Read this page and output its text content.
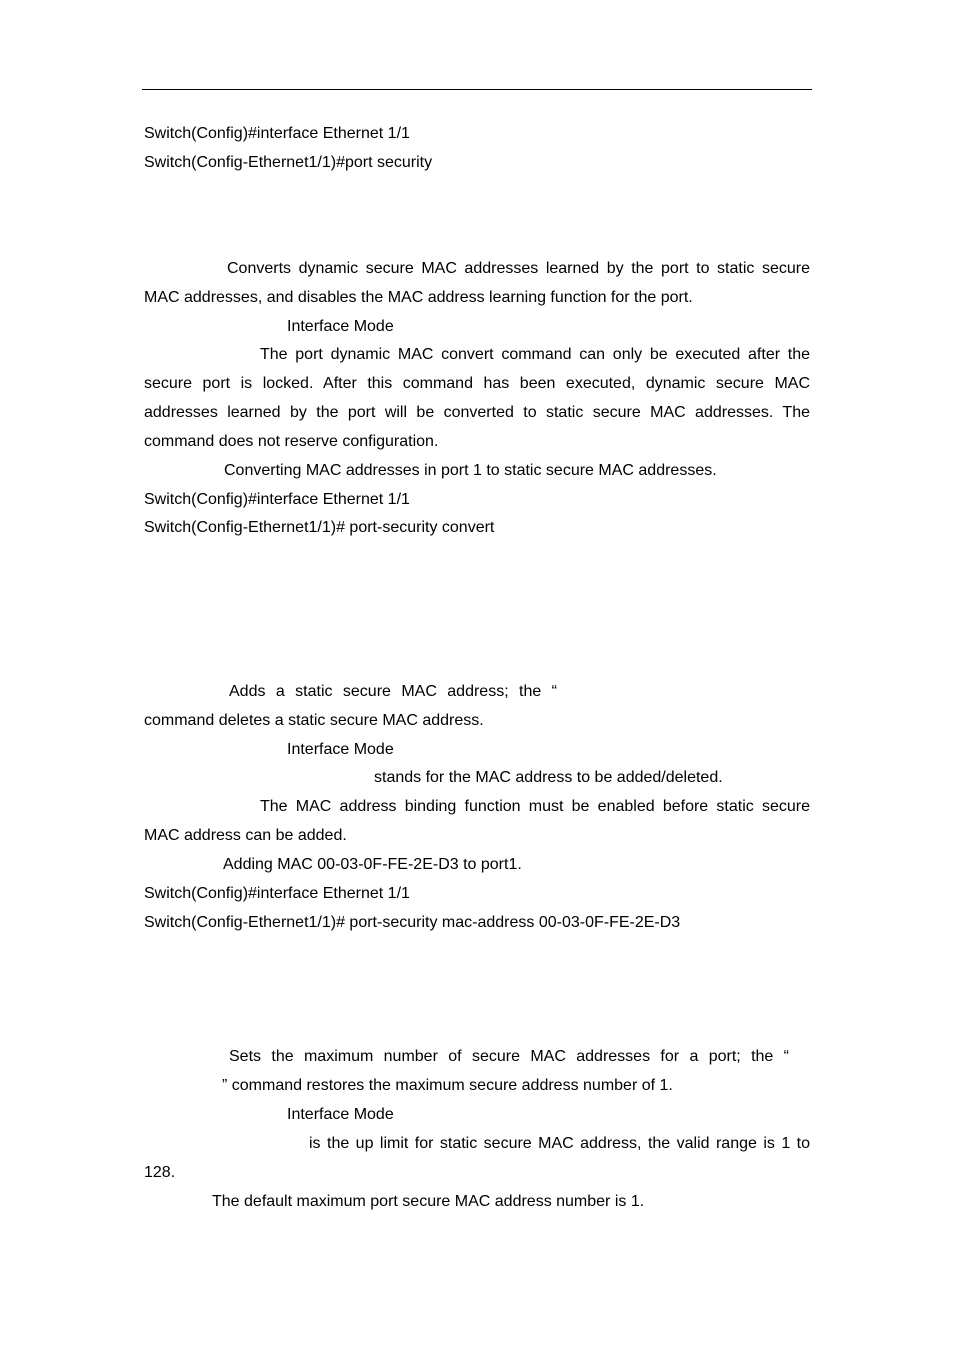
Switch(Config)#interface Ethernet 1/1
Switch(Config-Ethernet1/1)#port security
Converts dynamic secure MAC addresses learned by the port to static secure
MAC addresses, and disables the MAC address learning function for the port.
Interface Mode
The port dynamic MAC convert command can only be executed after the
secure port is locked. After this command has been executed, dynamic secure MAC
addresses learned by the port will be converted to static secure MAC addresses. The
command does not reserve configuration.
Converting MAC addresses in port 1 to static secure MAC addresses.
Switch(Config)#interface Ethernet 1/1
Switch(Config-Ethernet1/1)# port-security convert
Adds a static secure MAC address; the “
command deletes a static secure MAC address.
Interface Mode
stands for the MAC address to be added/deleted.
The MAC address binding function must be enabled before static secure
MAC address can be added.
Adding MAC 00-03-0F-FE-2E-D3 to port1.
Switch(Config)#interface Ethernet 1/1
Switch(Config-Ethernet1/1)# port-security mac-address 00-03-0F-FE-2E-D3
Sets the maximum number of secure MAC addresses for a port; the “
” command restores the maximum secure address number of 1.
Interface Mode
is the up limit for static secure MAC address, the valid range is 1 to
128.
The default maximum port secure MAC address number is 1.
